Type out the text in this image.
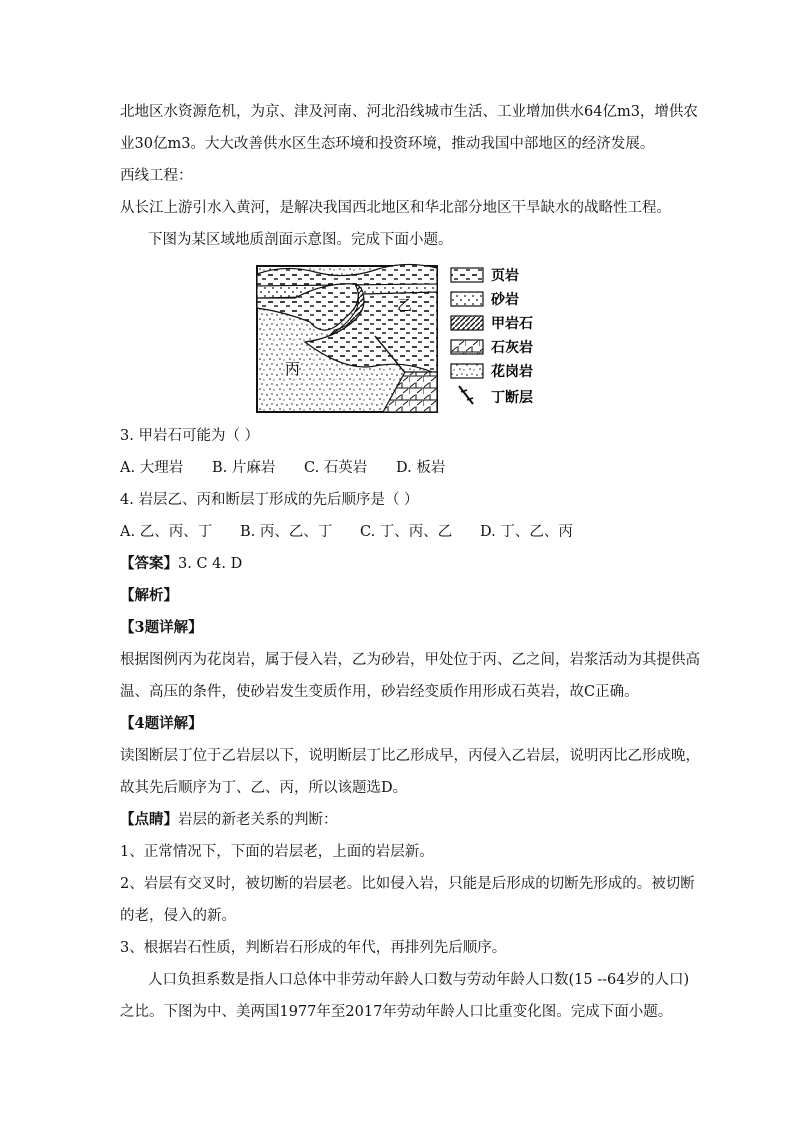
北地区水资源危机，为京、津及河南、河北沿线城市生活、工业增加供水64亿m3，增供农
业30亿m3。大大改善供水区生态环境和投资环境，推动我国中部地区的经济发展。
西线工程：
从长江上游引水入黄河，是解决我国西北地区和华北部分地区干旱缺水的战略性工程。
下图为某区域地质剖面示意图。完成下面小题。
乙
丙
页岩
砂岩
甲岩石
石灰岩
花岗岩
丁断层
3. 甲岩石可能为（ ）
A. 大理岩 B. 片麻岩 C. 石英岩 D. 板岩
4. 岩层乙、丙和断层丁形成的先后顺序是（ ）
A. 乙、丙、丁 B. 丙、乙、丁 C. 丁、丙、乙 D. 丁、乙、丙
【答案】3. C 4. D
【解析】
【3题详解】
根据图例丙为花岗岩，属于侵入岩，乙为砂岩，甲处位于丙、乙之间，岩浆活动为其提供高
温、高压的条件，使砂岩发生变质作用，砂岩经变质作用形成石英岩，故C正确。
【4题详解】
读图断层丁位于乙岩层以下，说明断层丁比乙形成早，丙侵入乙岩层，说明丙比乙形成晚，
故其先后顺序为丁、乙、丙，所以该题选D。
【点睛】岩层的新老关系的判断：
1、正常情况下，下面的岩层老，上面的岩层新。
2、岩层有交叉时，被切断的岩层老。比如侵入岩，只能是后形成的切断先形成的。被切断
的老，侵入的新。
3、根据岩石性质，判断岩石形成的年代，再排列先后顺序。
人口负担系数是指人口总体中非劳动年龄人口数与劳动年龄人口数(15 --64岁的人口)
之比。下图为中、美两国1977年至2017年劳动年龄人口比重变化图。完成下面小题。
